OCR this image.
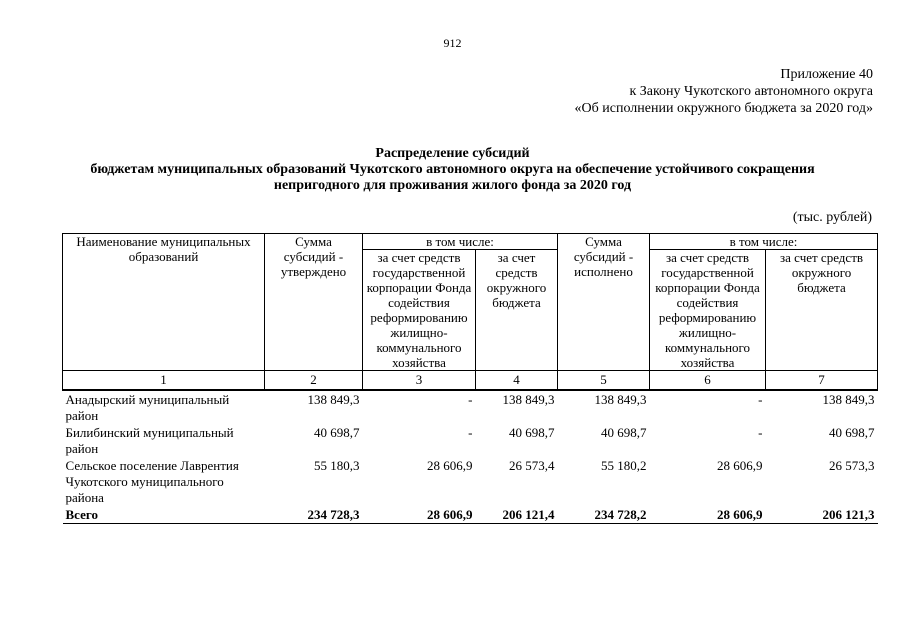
912
Приложение 40
к Закону Чукотского автономного округа
«Об исполнении окружного бюджета за 2020 год»
Распределение субсидий
бюджетам муниципальных образований Чукотского автономного округа на обеспечение устойчивого сокращения
непригодного для проживания жилого фонда за 2020 год
(тыс. рублей)
Наименование муниципальных образований	Сумма субсидий - утверждено	в том числе:		Сумма субсидий - исполнено	в том числе:	
		за счет средств государственной корпорации Фонда содействия реформированию жилищно-коммунального хозяйства	за счет средств окружного бюджета		за счет средств государственной корпорации Фонда содействия реформированию жилищно-коммунального хозяйства	за счет средств окружного бюджета
1	2	3	4	5	6	7
Анадырский муниципальный район	138 849,3	-	138 849,3	138 849,3	-	138 849,3
Билибинский муниципальный район	40 698,7	-	40 698,7	40 698,7	-	40 698,7
Сельское поселение Лаврентия Чукотского муниципального района	55 180,3	28 606,9	26 573,4	55 180,2	28 606,9	26 573,3
Всего	234 728,3	28 606,9	206 121,4	234 728,2	28 606,9	206 121,3
